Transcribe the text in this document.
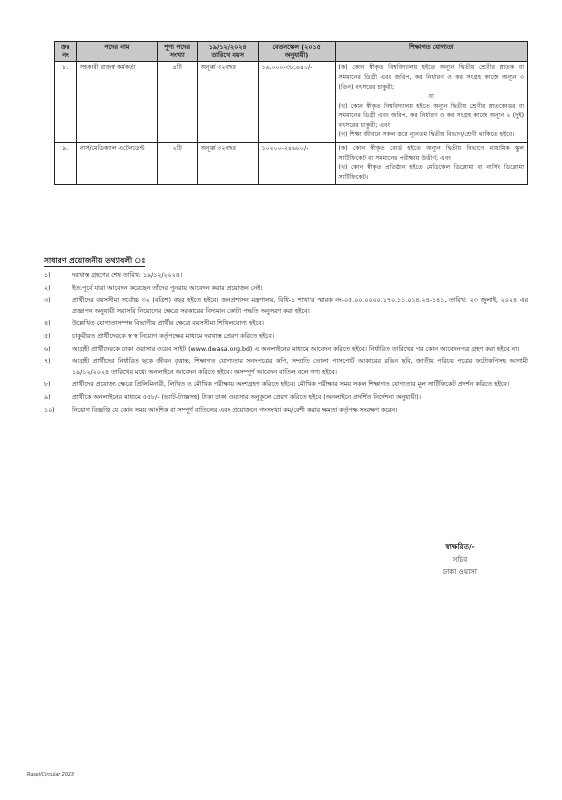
ক্রঃ নং	পদের নাম	শূণ্য পদের সংখ্যা	১৯/১২/২০২৪ তারিখে বয়স	বেতনস্কেল (২০১৫ অনুযায়ী)	শিক্ষাগত যোগ্যতা
৮.	সহকারী রাজস্ব কর্মকর্তা	৪টি	অনূর্ধ্ব ৩২বছর	১৬,০০০-৩৮,৬৪০/-	(ক) কোন স্বীকৃত বিশ্ববিদ্যালয় হইতে অন্যূন দ্বিতীয় শ্রেণীর স্নাতক বা সমমানের ডিগ্রী এবং জরিপ, কর নির্ধারণ ও কর সংগ্রহ কাজে অন্যূন ৩ (তিন) বৎসরের চাকুরী;

বা

(খ) কোন স্বীকৃত বিশ্ববিদ্যালয় হইতে অন্যূন দ্বিতীয় শ্রেণীর স্নাতকোত্তর বা সমমানের ডিগ্রী এবং জরিপ, কর নির্ধারণ ও কর সংগ্রহ কাজে অন্যূন ২ (দুই) বৎসরের চাকুরী; এবং

(গ) শিক্ষা জীবনে সকল স্তরে ন্যূনতম দ্বিতীয় বিভাগ/শ্রেণী থাকিতে হইবে।

৯.	নার্স/মেডিক্যাল এটেনডেন্ট	২টি	অনূর্ধ্ব ৩২বছর	১০২০০-২৪৬৮০/-	(ক) কোন স্বীকৃত বোর্ড হইতে অন্যূন দ্বিতীয় বিভাগে মাধ্যমিক স্কুল সার্টিফিকেট বা সমমানের পরীক্ষায় উত্তীর্ণ; এবং

(খ) কোন স্বীকৃত প্রতিষ্ঠান হইতে মেডিকেল ডিপ্লোমা বা নার্সিং ডিপ্লোমা সার্টিফিকেট।

সাধারণ প্রয়োজনীয় তথ্যাবলী ঃ
১)	দরখাস্ত গ্রহণের শেষ তারিখ: ১৯/১২/২০২৪।
২)	ইত:পূর্বে যারা আবেদন করেছেন তাঁদের পুনরায় আবেদন করার প্রয়োজন নেই।
৩)	প্রার্থীদের বয়সসীমা সর্বোচ্চ ৩২ (বত্রিশ) বছর হইতে হইবে। জনপ্রশাসন মন্ত্রণালয়, বিধি-১ শাখা'র স্মারক নং-০৫.০০.০০০০.১৭০.১১.০১৪.২৪-১৪১, তারিখ: ২৩ জুলাই, ২০২৪ এর প্রজ্ঞাপন অনুযায়ী সরাসরি নিয়োগের ক্ষেত্রে সরকারের বিদ্যমান কোটা পদ্ধতি অনুসরণ করা হইবে।
৪)	উল্লেখিত যোগ্যতাসম্পন্ন বিভাগীয় প্রার্থীর ক্ষেত্রে বয়সসীমা শিথিলযোগ্য হইবে।
৫)	চাকুরীরত প্রার্থীদেরকে স্ব স্ব নিয়োগ কর্তৃপক্ষের মাধ্যমে দরখাস্ত প্রেরণ করিতে হইবে।
৬)	আগ্রহী প্রার্থীদেরকে ঢাকা ওয়াসার ওয়েব সাইট (www.dwasa.org.bd) এ অনলাইনের মাধ্যমে আবেদন করিতে হইবে। নির্ধারিত তারিখের পর কোন আবেদনপত্র গ্রহণ করা হইবে না।
৭)	আগ্রহী প্রার্থীদের নির্ধারিত ছকে জীবন বৃত্তান্ত, শিক্ষাগত যোগ্যতার সনদপত্রের কপি, সম্প্রতি তোলা পাসপোর্ট আকারের রঙিন ছবি, জাতীয় পরিচয় পত্রের ফটোকপিসহ আগামী ১৯/১২/২০২৪ তারিখের মধ্যে অনলাইনে আবেদন করিতে হইবে। অসম্পূর্ণ আবেদন বাতিল বলে গণ্য হইবে।
৮)	প্রার্থীদের প্রযোজ্য ক্ষেত্রে প্রিলিমিনারী, লিখিত ও মৌখিক পরীক্ষায় অংশগ্রহণ করিতে হইবে। মৌখিক পরীক্ষার সময় সকল শিক্ষাগত যোগ্যতার মূল সার্টিফিকেট প্রদর্শন করিতে হইবে।
৯)	প্রার্থীকে অনলাইনের মাধ্যমে ৫৫৮/- (ভ্যাট-ট্যাক্সসহ) টাকা ঢাকা ওয়াসার অনুকূলে প্রেরণ করিতে হইবে (অনলাইনে প্রদর্শিত নির্দেশনা অনুযায়ী)।
১০)	নিয়োগ বিজ্ঞপ্তি যে কোন সময় আংশিক বা সম্পূর্ণ বাতিলের এবং প্রয়োজনে পদসংখ্যা কম/বেশী করার ক্ষমতা কর্তৃপক্ষ সংরক্ষণ করেন।
স্বাক্ষরিত/-
সচিব
ঢাকা ওয়াসা
Rasel/Circular 2023
